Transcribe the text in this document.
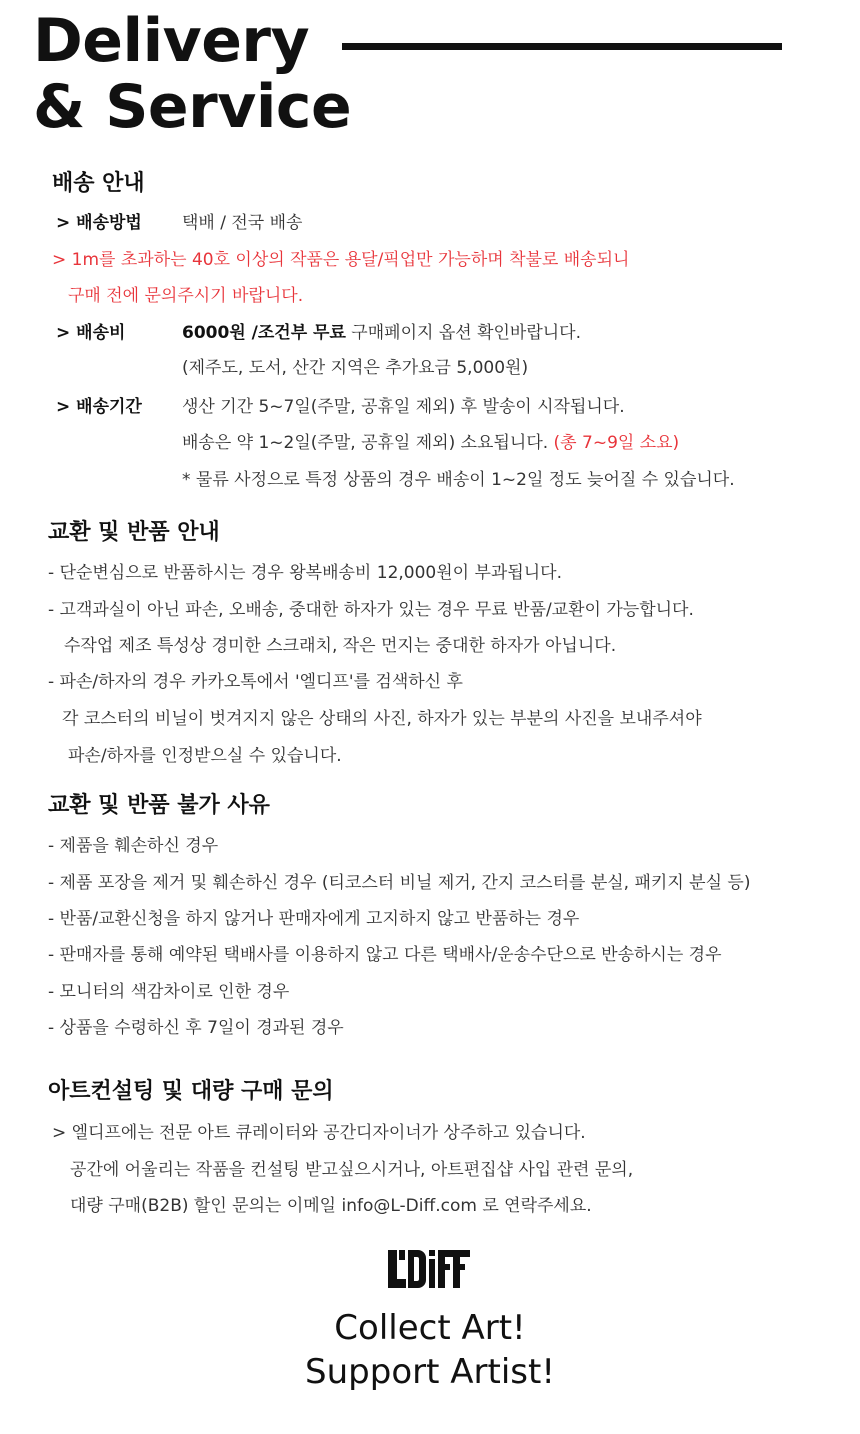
Delivery
& Service
배송 안내
> 배송방법 택배 / 전국 배송
> 1m를 초과하는 40호 이상의 작품은 용달/픽업만 가능하며 착불로 배송되니
구매 전에 문의주시기 바랍니다.
> 배송비	6000원 /조건부 무료 구매페이지 옵션 확인바랍니다.
(제주도, 도서, 산간 지역은 추가요금 5,000원)
> 배송기간 생산 기간 5~7일(주말, 공휴일 제외) 후 발송이 시작됩니다.
배송은 약 1~2일(주말, 공휴일 제외) 소요됩니다. (총 7~9일 소요)
* 물류 사정으로 특정 상품의 경우 배송이 1~2일 정도 늦어질 수 있습니다.
교환 및 반품 안내
- 단순변심으로 반품하시는 경우 왕복배송비 12,000원이 부과됩니다.
- 고객과실이 아닌 파손, 오배송, 중대한 하자가 있는 경우 무료 반품/교환이 가능합니다.
수작업 제조 특성상 경미한 스크래치, 작은 먼지는 중대한 하자가 아닙니다.
- 파손/하자의 경우 카카오톡에서 '엘디프'를 검색하신 후
각 코스터의 비닐이 벗겨지지 않은 상태의 사진, 하자가 있는 부분의 사진을 보내주셔야
파손/하자를 인정받으실 수 있습니다.
교환 및 반품 불가 사유
- 제품을 훼손하신 경우
- 제품 포장을 제거 및 훼손하신 경우 (티코스터 비닐 제거, 간지 코스터를 분실, 패키지 분실 등)
- 반품/교환신청을 하지 않거나 판매자에게 고지하지 않고 반품하는 경우
- 판매자를 통해 예약된 택배사를 이용하지 않고 다른 택배사/운송수단으로 반송하시는 경우
- 모니터의 색감차이로 인한 경우
- 상품을 수령하신 후 7일이 경과된 경우
아트컨설팅 및 대량 구매 문의
> 엘디프에는 전문 아트 큐레이터와 공간디자이너가 상주하고 있습니다.
공간에 어울리는 작품을 컨설팅 받고싶으시거나, 아트편집샵 사입 관련 문의,
대량 구매(B2B) 할인 문의는 이메일 info@L-Diff.com 로 연락주세요.
Collect Art!
Support Artist!
